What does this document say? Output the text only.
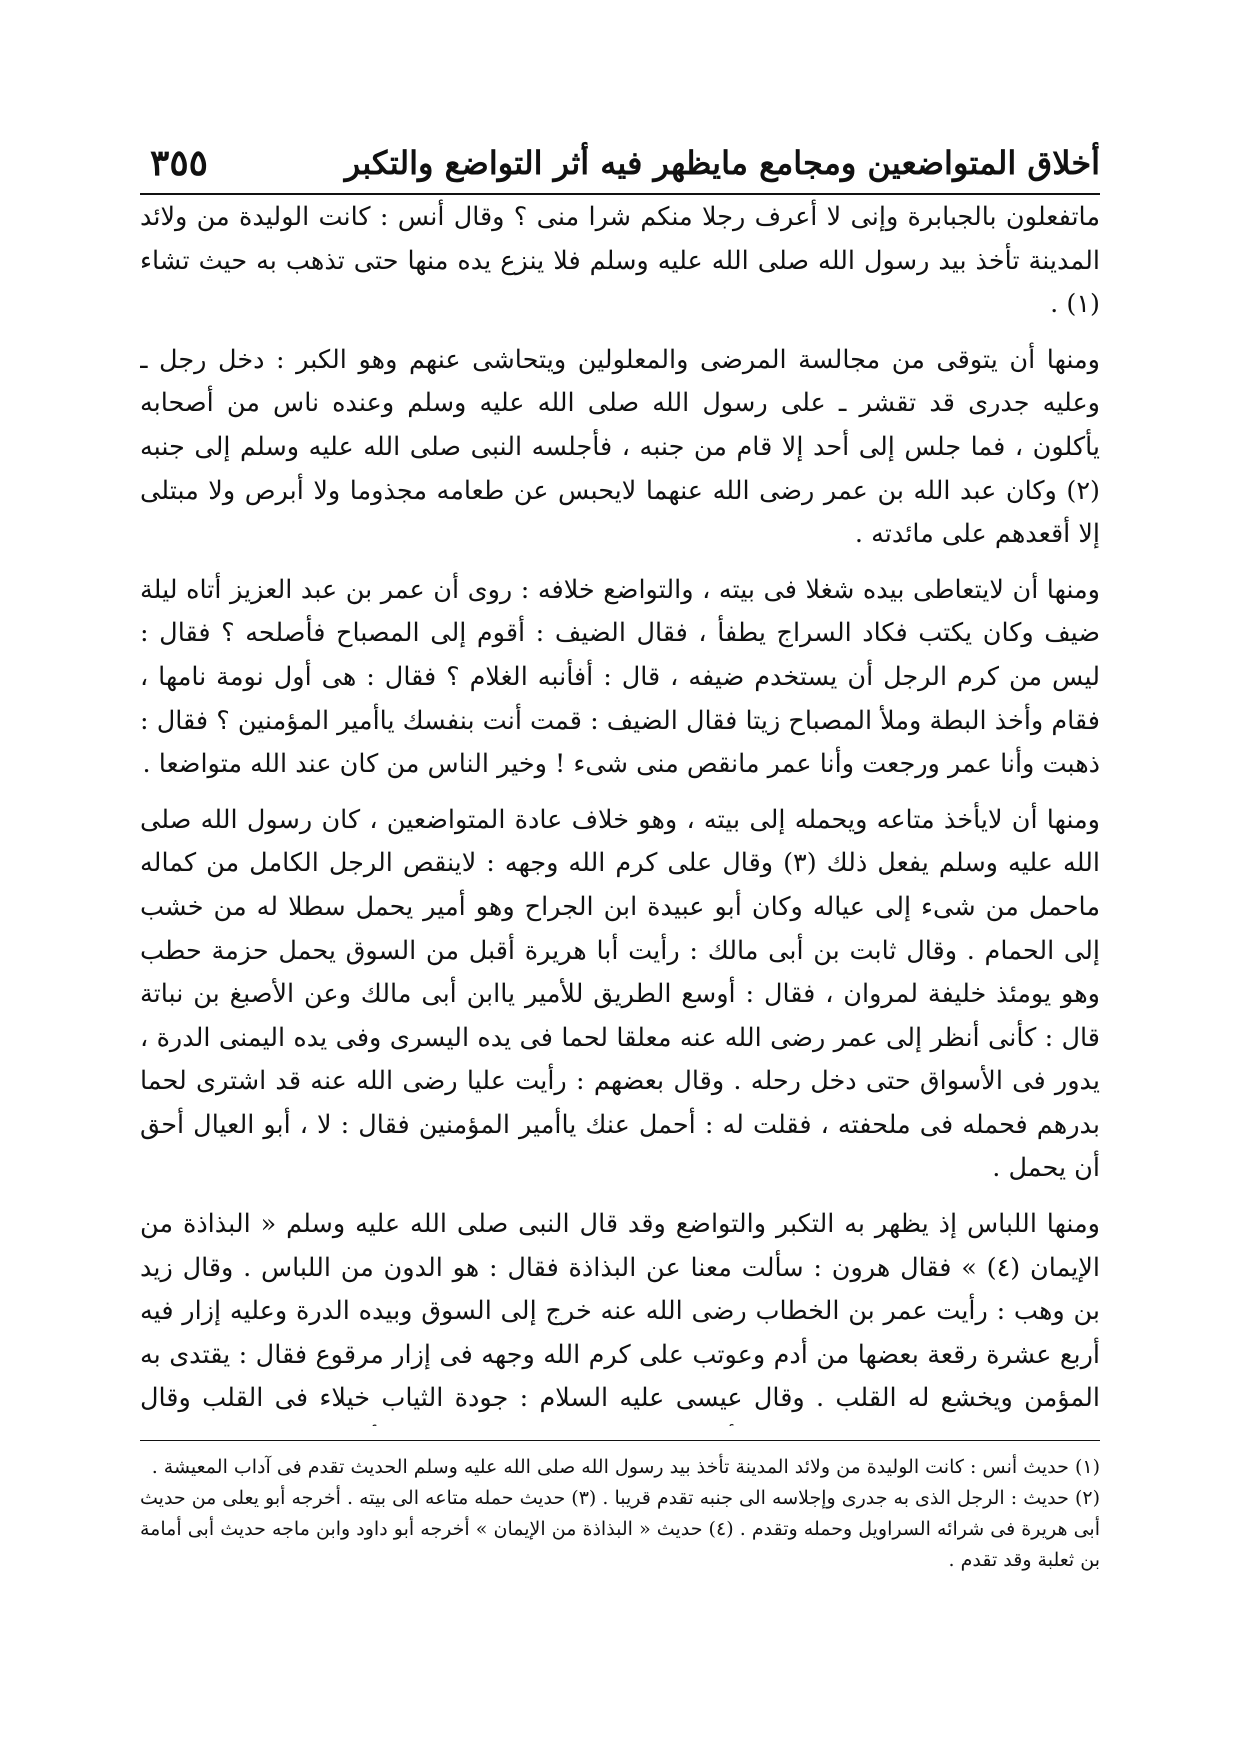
أخلاق المتواضعين ومجامع مايظهر فيه أثر التواضع والتكبر
٣٥٥

ماتفعلون بالجبابرة وإنى لا أعرف رجلا منكم شرا منى ؟ وقال أنس : كانت الوليدة من ولائد المدينة تأخذ بيد رسول الله صلى الله عليه وسلم فلا ينزع يده منها حتى تذهب به حيث تشاء (١) .

ومنها أن يتوقى من مجالسة المرضى والمعلولين ويتحاشى عنهم وهو الكبر : دخل رجل ـ وعليه جدرى قد تقشر ـ على رسول الله صلى الله عليه وسلم وعنده ناس من أصحابه يأكلون ، فما جلس إلى أحد إلا قام من جنبه ، فأجلسه النبى صلى الله عليه وسلم إلى جنبه (٢) وكان عبد الله بن عمر رضى الله عنهما لايحبس عن طعامه مجذوما ولا أبرص ولا مبتلى إلا أقعدهم على مائدته .

ومنها أن لايتعاطى بيده شغلا فى بيته ، والتواضع خلافه : روى أن عمر بن عبد العزيز أتاه ليلة ضيف وكان يكتب فكاد السراج يطفأ ، فقال الضيف : أقوم إلى المصباح فأصلحه ؟ فقال : ليس من كرم الرجل أن يستخدم ضيفه ، قال : أفأنبه الغلام ؟ فقال : هى أول نومة نامها ، فقام وأخذ البطة وملأ المصباح زيتا فقال الضيف : قمت أنت بنفسك ياأمير المؤمنين ؟ فقال : ذهبت وأنا عمر ورجعت وأنا عمر مانقص منى شىء ! وخير الناس من كان عند الله متواضعا .

ومنها أن لايأخذ متاعه ويحمله إلى بيته ، وهو خلاف عادة المتواضعين ، كان رسول الله صلى الله عليه وسلم يفعل ذلك (٣) وقال على كرم الله وجهه : لاينقص الرجل الكامل من كماله ماحمل من شىء إلى عياله وكان أبو عبيدة ابن الجراح وهو أمير يحمل سطلا له من خشب إلى الحمام . وقال ثابت بن أبى مالك : رأيت أبا هريرة أقبل من السوق يحمل حزمة حطب وهو يومئذ خليفة لمروان ، فقال : أوسع الطريق للأمير ياابن أبى مالك وعن الأصبغ بن نباتة قال : كأنى أنظر إلى عمر رضى الله عنه معلقا لحما فى يده اليسرى وفى يده اليمنى الدرة ، يدور فى الأسواق حتى دخل رحله . وقال بعضهم : رأيت عليا رضى الله عنه قد اشترى لحما بدرهم فحمله فى ملحفته ، فقلت له : أحمل عنك ياأمير المؤمنين فقال : لا ، أبو العيال أحق أن يحمل .

ومنها اللباس إذ يظهر به التكبر والتواضع وقد قال النبى صلى الله عليه وسلم « البذاذة من الإيمان (٤) » فقال هرون : سألت معنا عن البذاذة فقال : هو الدون من اللباس . وقال زيد بن وهب : رأيت عمر بن الخطاب رضى الله عنه خرج إلى السوق وبيده الدرة وعليه إزار فيه أربع عشرة رقعة بعضها من أدم وعوتب على كرم الله وجهه فى إزار مرقوع فقال : يقتدى به المؤمن ويخشع له القلب . وقال عيسى عليه السلام : جودة الثياب خيلاء فى القلب وقال

(١) حديث أنس : كانت الوليدة من ولائد المدينة تأخذ بيد رسول الله صلى الله عليه وسلم الحديث تقدم فى آداب المعيشة .

(٢) حديث : الرجل الذى به جدرى وإجلاسه الى جنبه تقدم قريبا . (٣) حديث حمله متاعه الى بيته . أخرجه أبو يعلى من حديث أبى هريرة فى شرائه السراويل وحمله وتقدم . (٤) حديث « البذاذة من الإيمان » أخرجه أبو داود وابن ماجه حديث أبى أمامة بن ثعلبة وقد تقدم .
